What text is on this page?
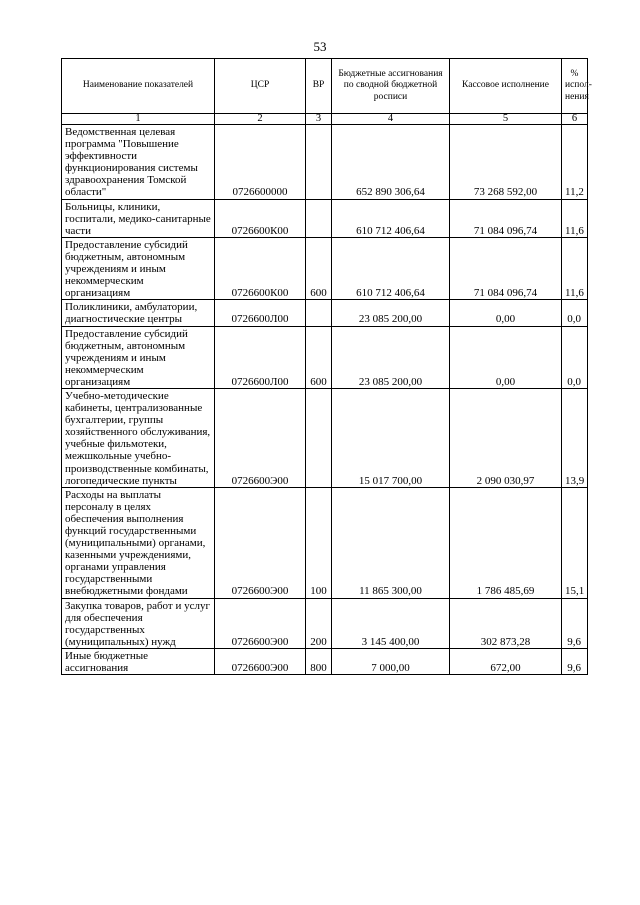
53
Наименование показателей	ЦСР	ВР	Бюджетные ассигнования по сводной бюджетной росписи	Кассовое исполнение	% испол-нения
1	2	3	4	5	6
Ведомственная целевая программа "Повышение эффективности функционирования системы здравоохранения Томской области"	0726600000		652 890 306,64	73 268 592,00	11,2
Больницы, клиники, госпитали, медико-санитарные части	0726600К00		610 712 406,64	71 084 096,74	11,6
Предоставление субсидий бюджетным, автономным учреждениям и иным некоммерческим организациям	0726600К00	600	610 712 406,64	71 084 096,74	11,6
Поликлиники, амбулатории, диагностические центры	0726600Л00		23 085 200,00	0,00	0,0
Предоставление субсидий бюджетным, автономным учреждениям и иным некоммерческим организациям	0726600Л00	600	23 085 200,00	0,00	0,0
Учебно-методические кабинеты, централизованные бухгалтерии, группы хозяйственного обслуживания, учебные фильмотеки, межшкольные учебно-производственные комбинаты, логопедические пункты	0726600Э00		15 017 700,00	2 090 030,97	13,9
Расходы на выплаты персоналу в целях обеспечения выполнения функций государственными (муниципальными) органами, казенными учреждениями, органами управления государственными внебюджетными фондами	0726600Э00	100	11 865 300,00	1 786 485,69	15,1
Закупка товаров, работ и услуг для обеспечения государственных (муниципальных) нужд	0726600Э00	200	3 145 400,00	302 873,28	9,6
Иные бюджетные ассигнования	0726600Э00	800	7 000,00	672,00	9,6
